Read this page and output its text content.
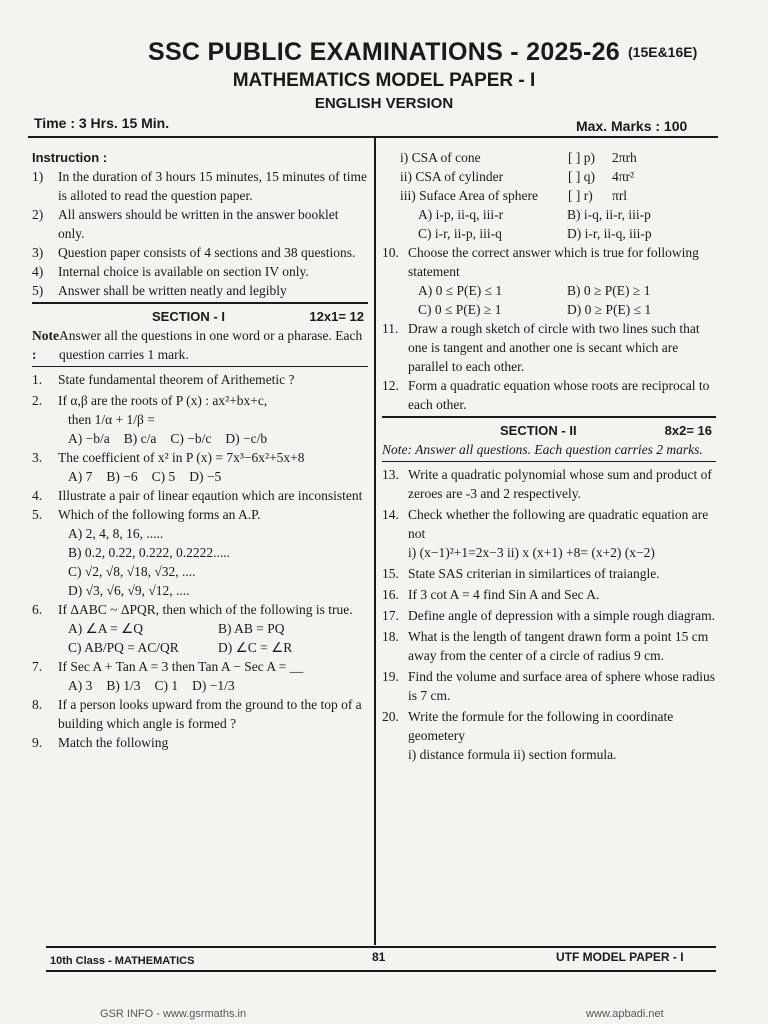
SSC PUBLIC EXAMINATIONS - 2025-26 (15E&16E)
MATHEMATICS MODEL PAPER - I
ENGLISH VERSION
Time : 3 Hrs. 15 Min.	Max. Marks : 100
Instruction :
1)	In the duration of 3 hours 15 minutes, 15 minutes of time is alloted to read the question paper.
2)	All answers should be written in the answer booklet only.
3)	Question paper consists of 4 sections and 38 questions.
4)	Internal choice is available on section IV only.
5)	Answer shall be written neatly and legibly
SECTION - I	12x1= 12
Note :
Answer all the questions in one word or a pharase. Each question carries 1 mark.
1.	State fundamental theorem of Arithemetic ?
2.	If α,β are the roots of P (x) : ax²+bx+c,
then 1/α + 1/β =
A) −b/a B) c/a C) −b/c D) −c/b
3.	The coefficient of x² in P (x) = 7x³−6x²+5x+8
A) 7 B) −6 C) 5 D) −5
4.	Illustrate a pair of linear eqaution which are inconsistent
5.	Which of the following forms an A.P.
A) 2, 4, 8, 16, .....
B) 0.2, 0.22, 0.222, 0.2222.....
C) √2, √8, √18, √32, ....
D) √3, √6, √9, √12, ....
6.	If ΔABC ~ ΔPQR, then which of the following is true.
A) ∠A = ∠Q	B) AB = PQ
C) AB/PQ = AC/QR	D) ∠C = ∠R
7.	If Sec A + Tan A = 3 then Tan A − Sec A = __
A) 3 B) 1/3 C) 1 D) −1/3
8.	If a person looks upward from the ground to the top of a building which angle is formed ?
9.	Match the following
i) CSA of cone	[ ] p)	2πrh
ii) CSA of cylinder	[ ] q)	4πr²
iii) Suface Area of sphere	[ ] r)	πrl
A) i-p, ii-q, iii-r	B) i-q, ii-r, iii-p
C) i-r, ii-p, iii-q	D) i-r, ii-q, iii-p
10. Choose the correct answer which is true for following statement
A) 0 ≤ P(E) ≤ 1	B) 0 ≥ P(E) ≥ 1
C) 0 ≤ P(E) ≥ 1	D) 0 ≥ P(E) ≤ 1
11. Draw a rough sketch of circle with two lines such that one is tangent and another one is secant which are parallel to each other.
12. Form a quadratic equation whose roots are reciprocal to each other.
SECTION - II	8x2= 16
Note: Answer all questions. Each question carries 2 marks.
13. Write a quadratic polynomial whose sum and product of zeroes are -3 and 2 respectively.
14. Check whether the following are quadratic equation are not
i) (x−1)²+1=2x−3 ii) x (x+1) +8= (x+2) (x−2)
15. State SAS criterian in similartices of traiangle.
16. If 3 cot A = 4 find Sin A and Sec A.
17. Define angle of depression with a simple rough diagram.
18. What is the length of tangent drawn form a point 15 cm away from the center of a circle of radius 9 cm.
19. Find the volume and surface area of sphere whose radius is 7 cm.
20. Write the formule for the following in coordinate geometery
i) distance formula ii) section formula.
10th Class - MATHEMATICS	81	UTF MODEL PAPER - I
GSR INFO - www.gsrmaths.in	www.apbadi.net
